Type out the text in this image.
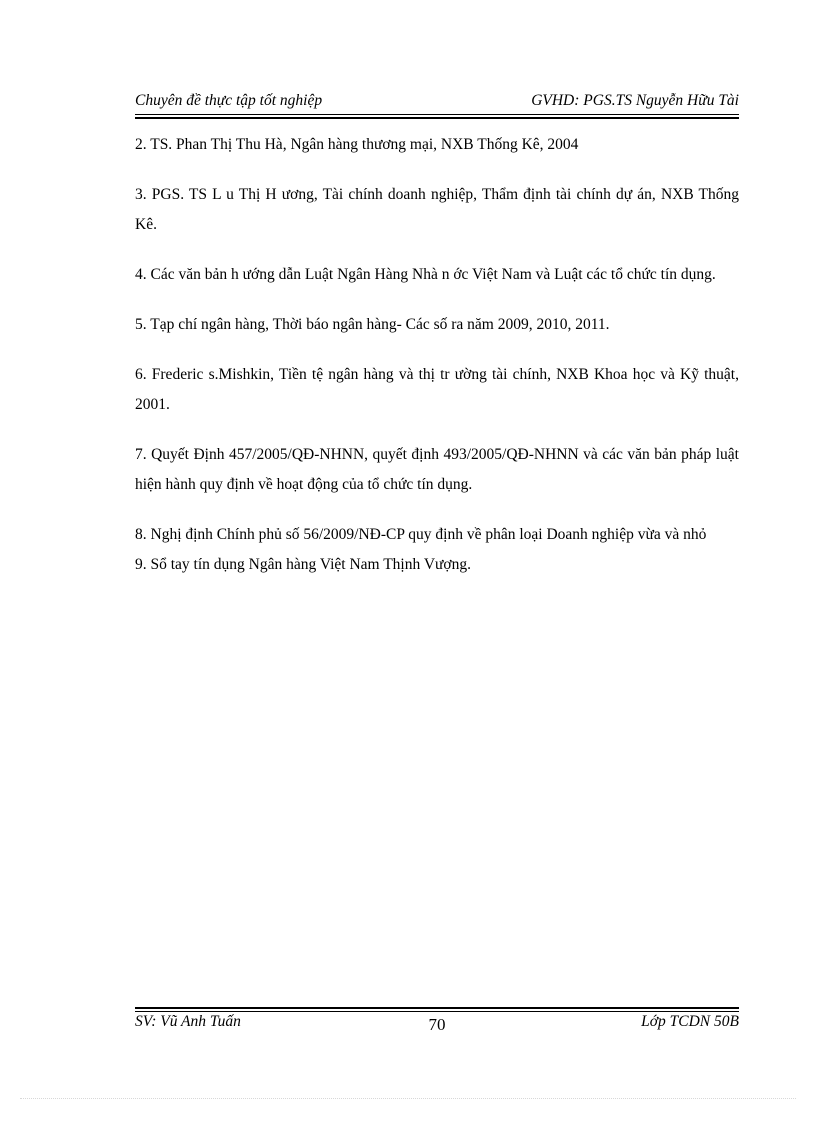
Chuyên đề thực tập tốt nghiệp	GVHD: PGS.TS Nguyễn Hữu Tài

2. TS. Phan Thị Thu Hà, Ngân hàng thương mại, NXB Thống Kê, 2004

3. PGS. TS L u Thị H ương, Tài chính doanh nghiệp, Thẩm định tài chính dự án, NXB Thống Kê.

4. Các văn bản h ướng dẫn Luật Ngân Hàng Nhà n ớc Việt Nam và Luật các tổ chức tín dụng.

5. Tạp chí ngân hàng, Thời báo ngân hàng- Các số ra năm 2009, 2010, 2011.

6. Frederic s.Mishkin, Tiền tệ ngân hàng và thị tr ường tài chính, NXB Khoa học và Kỹ thuật, 2001.

7. Quyết Định 457/2005/QĐ-NHNN, quyết định 493/2005/QĐ-NHNN và các văn bản pháp luật hiện hành quy định về hoạt động của tổ chức tín dụng.

8. Nghị định Chính phủ số 56/2009/NĐ-CP quy định về phân loại Doanh nghiệp vừa và nhỏ

9. Sổ tay tín dụng Ngân hàng Việt Nam Thịnh Vượng.

SV: Vũ Anh Tuấn	70	Lớp TCDN 50B
